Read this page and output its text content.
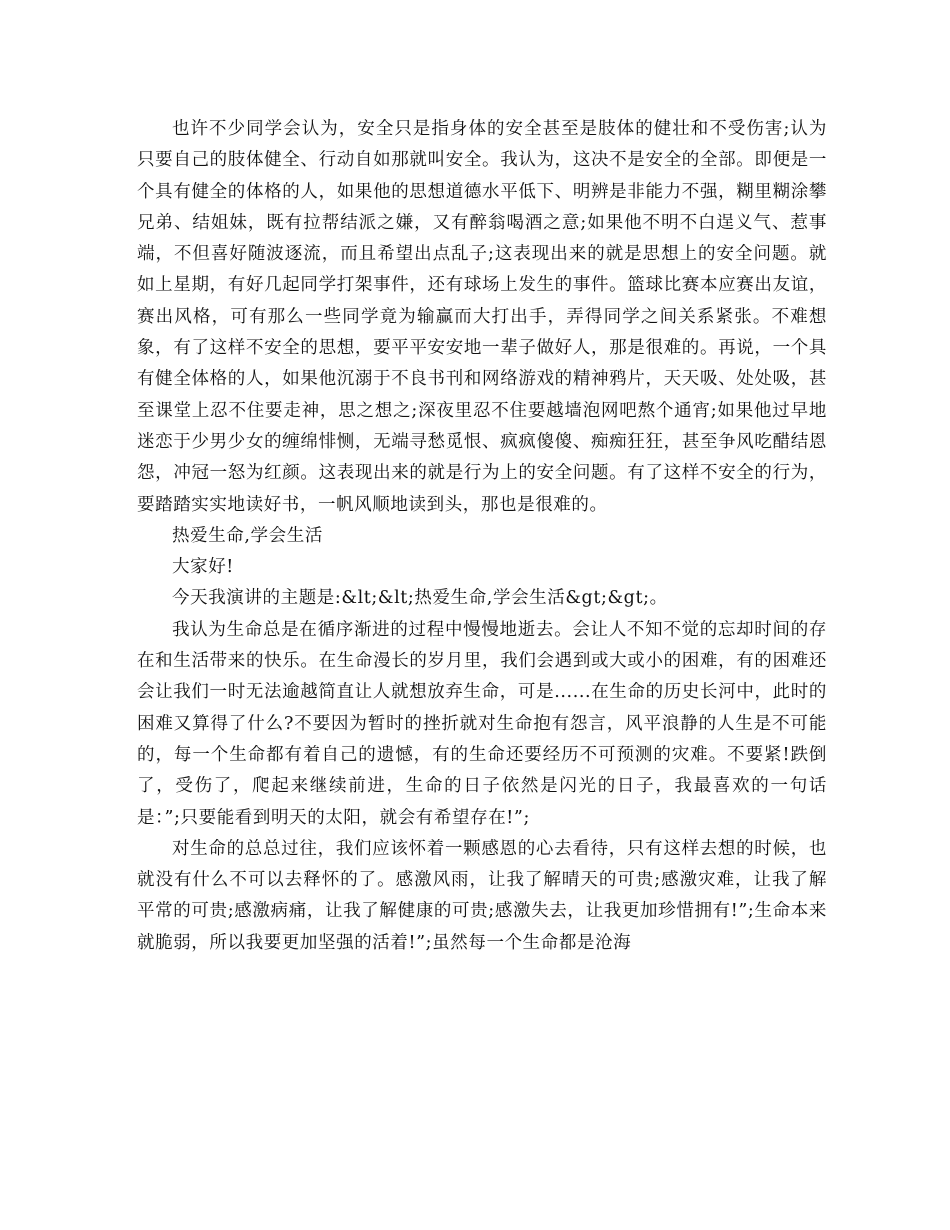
也许不少同学会认为，安全只是指身体的安全甚至是肢体的健壮和不受伤害;认为只要自己的肢体健全、行动自如那就叫安全。我认为，这决不是安全的全部。即便是一个具有健全的体格的人，如果他的思想道德水平低下、明辨是非能力不强，糊里糊涂攀兄弟、结姐妹，既有拉帮结派之嫌，又有醉翁喝酒之意;如果他不明不白逞义气、惹事端，不但喜好随波逐流，而且希望出点乱子;这表现出来的就是思想上的安全问题。就如上星期，有好几起同学打架事件，还有球场上发生的事件。篮球比赛本应赛出友谊，赛出风格，可有那么一些同学竟为输赢而大打出手，弄得同学之间关系紧张。不难想象，有了这样不安全的思想，要平平安安地一辈子做好人，那是很难的。再说，一个具有健全体格的人，如果他沉溺于不良书刊和网络游戏的精神鸦片，天天吸、处处吸，甚至课堂上忍不住要走神，思之想之;深夜里忍不住要越墙泡网吧熬个通宵;如果他过早地迷恋于少男少女的缠绵悱恻，无端寻愁觅恨、疯疯傻傻、痴痴狂狂，甚至争风吃醋结恩怨，冲冠一怒为红颜。这表现出来的就是行为上的安全问题。有了这样不安全的行为，要踏踏实实地读好书，一帆风顺地读到头，那也是很难的。

热爱生命,学会生活

大家好!

今天我演讲的主题是:&lt;&lt;热爱生命,学会生活&gt;&gt;。

我认为生命总是在循序渐进的过程中慢慢地逝去。会让人不知不觉的忘却时间的存在和生活带来的快乐。在生命漫长的岁月里，我们会遇到或大或小的困难，有的困难还会让我们一时无法逾越简直让人就想放弃生命，可是......在生命的历史长河中，此时的困难又算得了什么?不要因为暂时的挫折就对生命抱有怨言，风平浪静的人生是不可能的，每一个生命都有着自己的遗憾，有的生命还要经历不可预测的灾难。不要紧!跌倒了，受伤了，爬起来继续前进，生命的日子依然是闪光的日子，我最喜欢的一句话是：”;只要能看到明天的太阳，就会有希望存在!”;

对生命的总总过往，我们应该怀着一颗感恩的心去看待，只有这样去想的时候，也就没有什么不可以去释怀的了。感激风雨，让我了解晴天的可贵;感激灾难，让我了解平常的可贵;感激病痛，让我了解健康的可贵;感激失去，让我更加珍惜拥有!”;生命本来就脆弱，所以我要更加坚强的活着!”;虽然每一个生命都是沧海
